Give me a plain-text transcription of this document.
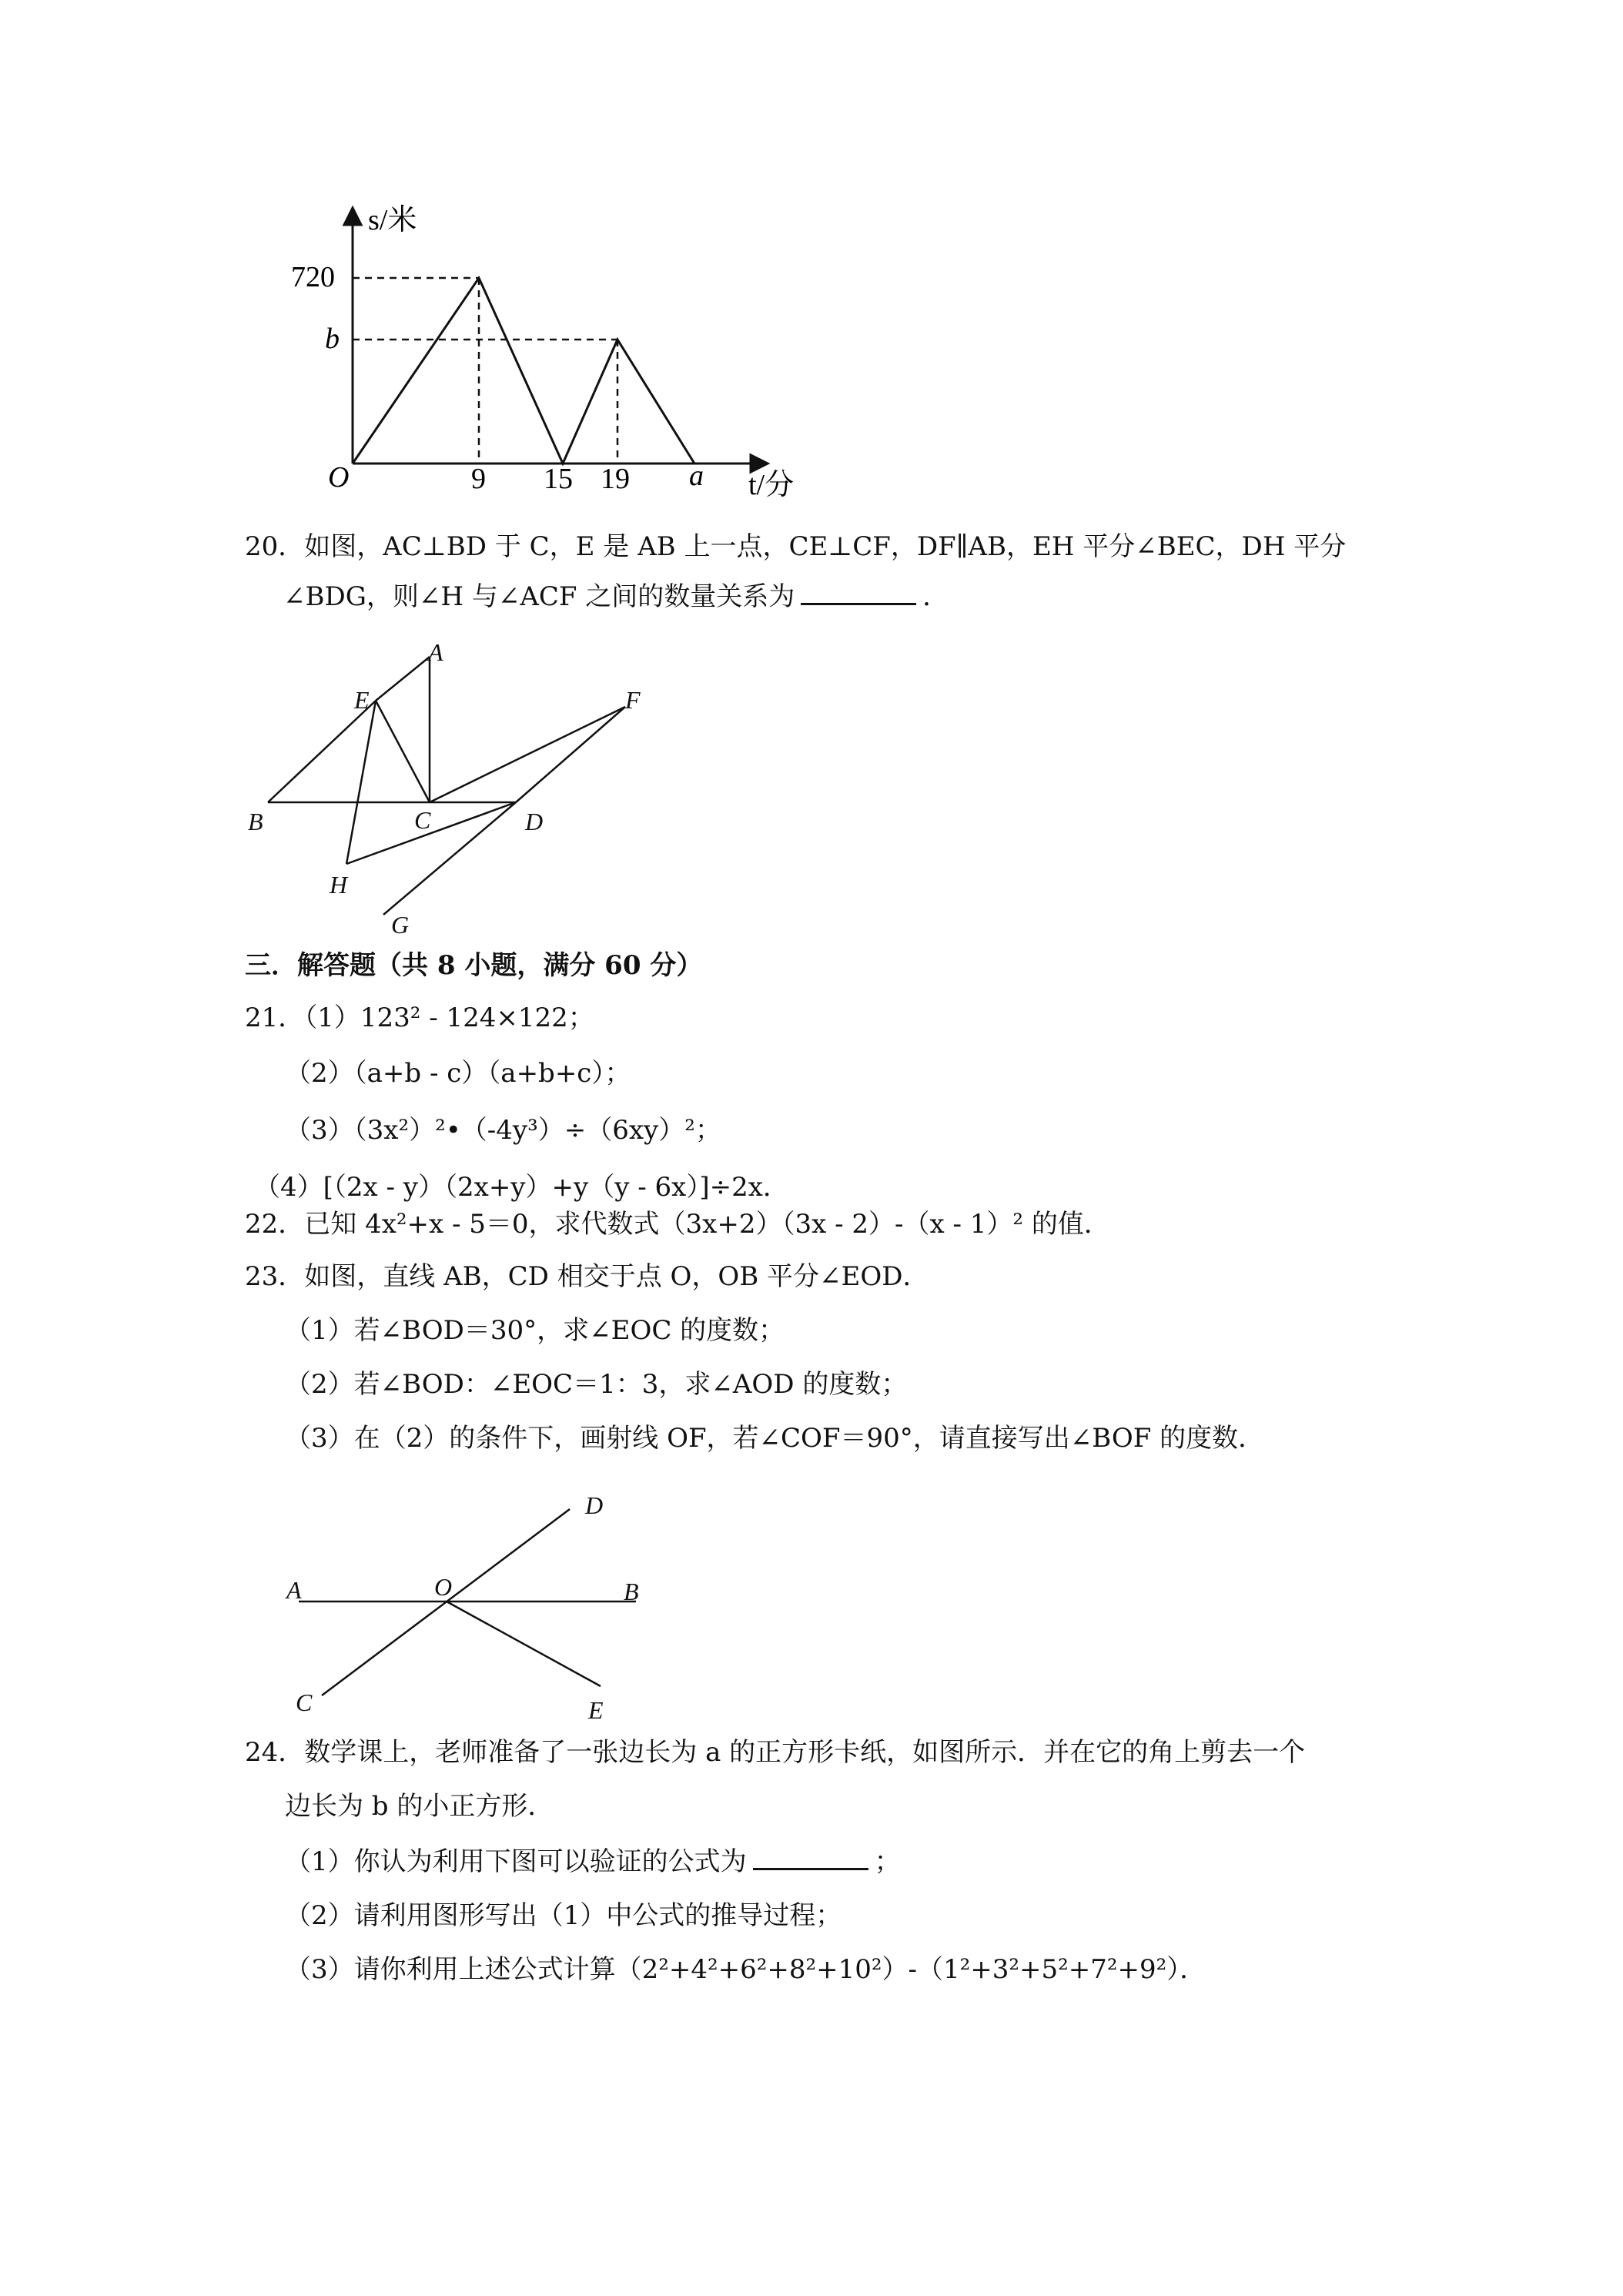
s/米
t/分
O
720
b
9 15 19 a
20．如图，AC⊥BD 于 C，E 是 AB 上一点，CE⊥CF，DF∥AB，EH 平分∠BEC，DH 平分
∠BDG，则∠H 与∠ACF 之间的数量关系为	．
A
E	F
B	C	D
H
G
三．解答题（共 8 小题，满分 60 分）
21．（1）123² ‐ 124×122；
（2）（a+b ‐ c）（a+b+c）；
（3）（3x²）²•（‐4y³）÷（6xy）²；
（4）[（2x ‐ y）（2x+y）+y（y ‐ 6x）]÷2x．
22．已知 4x²+x ‐ 5＝0，求代数式（3x+2）（3x ‐ 2）‐（x ‐ 1）² 的值．
23．如图，直线 AB，CD 相交于点 O，OB 平分∠EOD．
（1）若∠BOD＝30°，求∠EOC 的度数；
（2）若∠BOD：∠EOC＝1：3，求∠AOD 的度数；
（3）在（2）的条件下，画射线 OF，若∠COF＝90°，请直接写出∠BOF 的度数．
D
A	O	B
C	E
24．数学课上，老师准备了一张边长为 a 的正方形卡纸，如图所示．并在它的角上剪去一个
边长为 b 的小正方形．
（1）你认为利用下图可以验证的公式为	；
（2）请利用图形写出（1）中公式的推导过程；
（3）请你利用上述公式计算（2²+4²+6²+8²+10²）‐（1²+3²+5²+7²+9²）．
